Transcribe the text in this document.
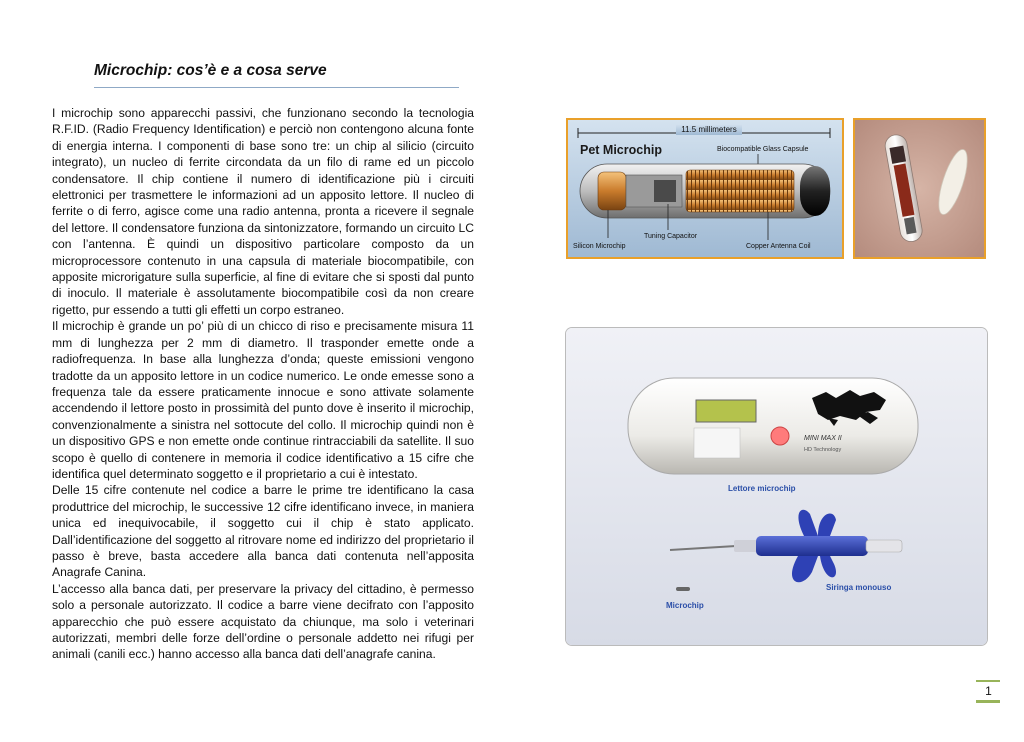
Microchip: cos’è e a cosa serve

I microchip sono apparecchi passivi, che funzionano secondo la tecnologia R.F.ID. (Radio Frequency Identification) e perciò non contengono alcuna fonte di energia interna. I componenti di base sono tre: un chip al silicio (circuito integrato), un nucleo di ferrite circondata da un filo di rame ed un piccolo condensatore. Il chip contiene il numero di identificazione più i circuiti elettronici per trasmettere le informazioni ad un apposito lettore. Il nucleo di ferrite o di ferro, agisce come una radio antenna, pronta a ricevere il segnale del lettore. Il condensatore funziona da sintonizzatore, formando un circuito LC con l’antenna. È quindi un dispositivo particolare composto da un microprocessore contenuto in una capsula di materiale biocompatibile, con apposite microrigature sulla superficie, al fine di evitare che si sposti dal punto di inoculo. Il materiale è assolutamente biocompatibile così da non creare rigetto, pur essendo a tutti gli effetti un corpo estraneo.

Il microchip è grande un po’ più di un chicco di riso e precisamente misura 11 mm di lunghezza per 2 mm di diametro. Il trasponder emette onde a radiofrequenza. In base alla lunghezza d’onda; queste emissioni vengono tradotte da un apposito lettore in un codice numerico. Le onde emesse sono a frequenza tale da essere praticamente innocue e sono attivate solamente accendendo il lettore posto in prossimità del punto dove è inserito il microchip, convenzionalmente a sinistra nel sottocute del collo. Il microchip quindi non è un dispositivo GPS e non emette onde continue rintracciabili da satellite. Il suo scopo è quello di contenere in memoria il codice identificativo a 15 cifre che identifica quel determinato soggetto e il proprietario a cui è intestato.

Delle 15 cifre contenute nel codice a barre le prime tre identificano la casa produttrice del microchip, le successive 12 cifre identificano invece, in maniera unica ed inequivocabile, il soggetto cui il chip è stato applicato. Dall’identificazione del soggetto al ritrovare nome ed indirizzo del proprietario il passo è breve, basta accedere alla banca dati contenuta nell’apposita Anagrafe Canina.

L’accesso alla banca dati, per preservare la privacy del cittadino, è permesso solo a personale autorizzato. Il codice a barre viene decifrato con l’apposito apparecchio che può essere acquistato da chiunque, ma solo i veterinari autorizzati, membri delle forze dell’ordine o personale addetto nei rifugi per animali (canili ecc.) hanno accesso alla banca dati dell’anagrafe canina.

11.5 millimeters
Pet Microchip	Biocompatible Glass Capsule
Silicon Microchip
Tuning Capacitor
Copper Antenna Coil
MINI MAX II
HD Technology
Lettore microchip
Siringa monouso
Microchip
1
